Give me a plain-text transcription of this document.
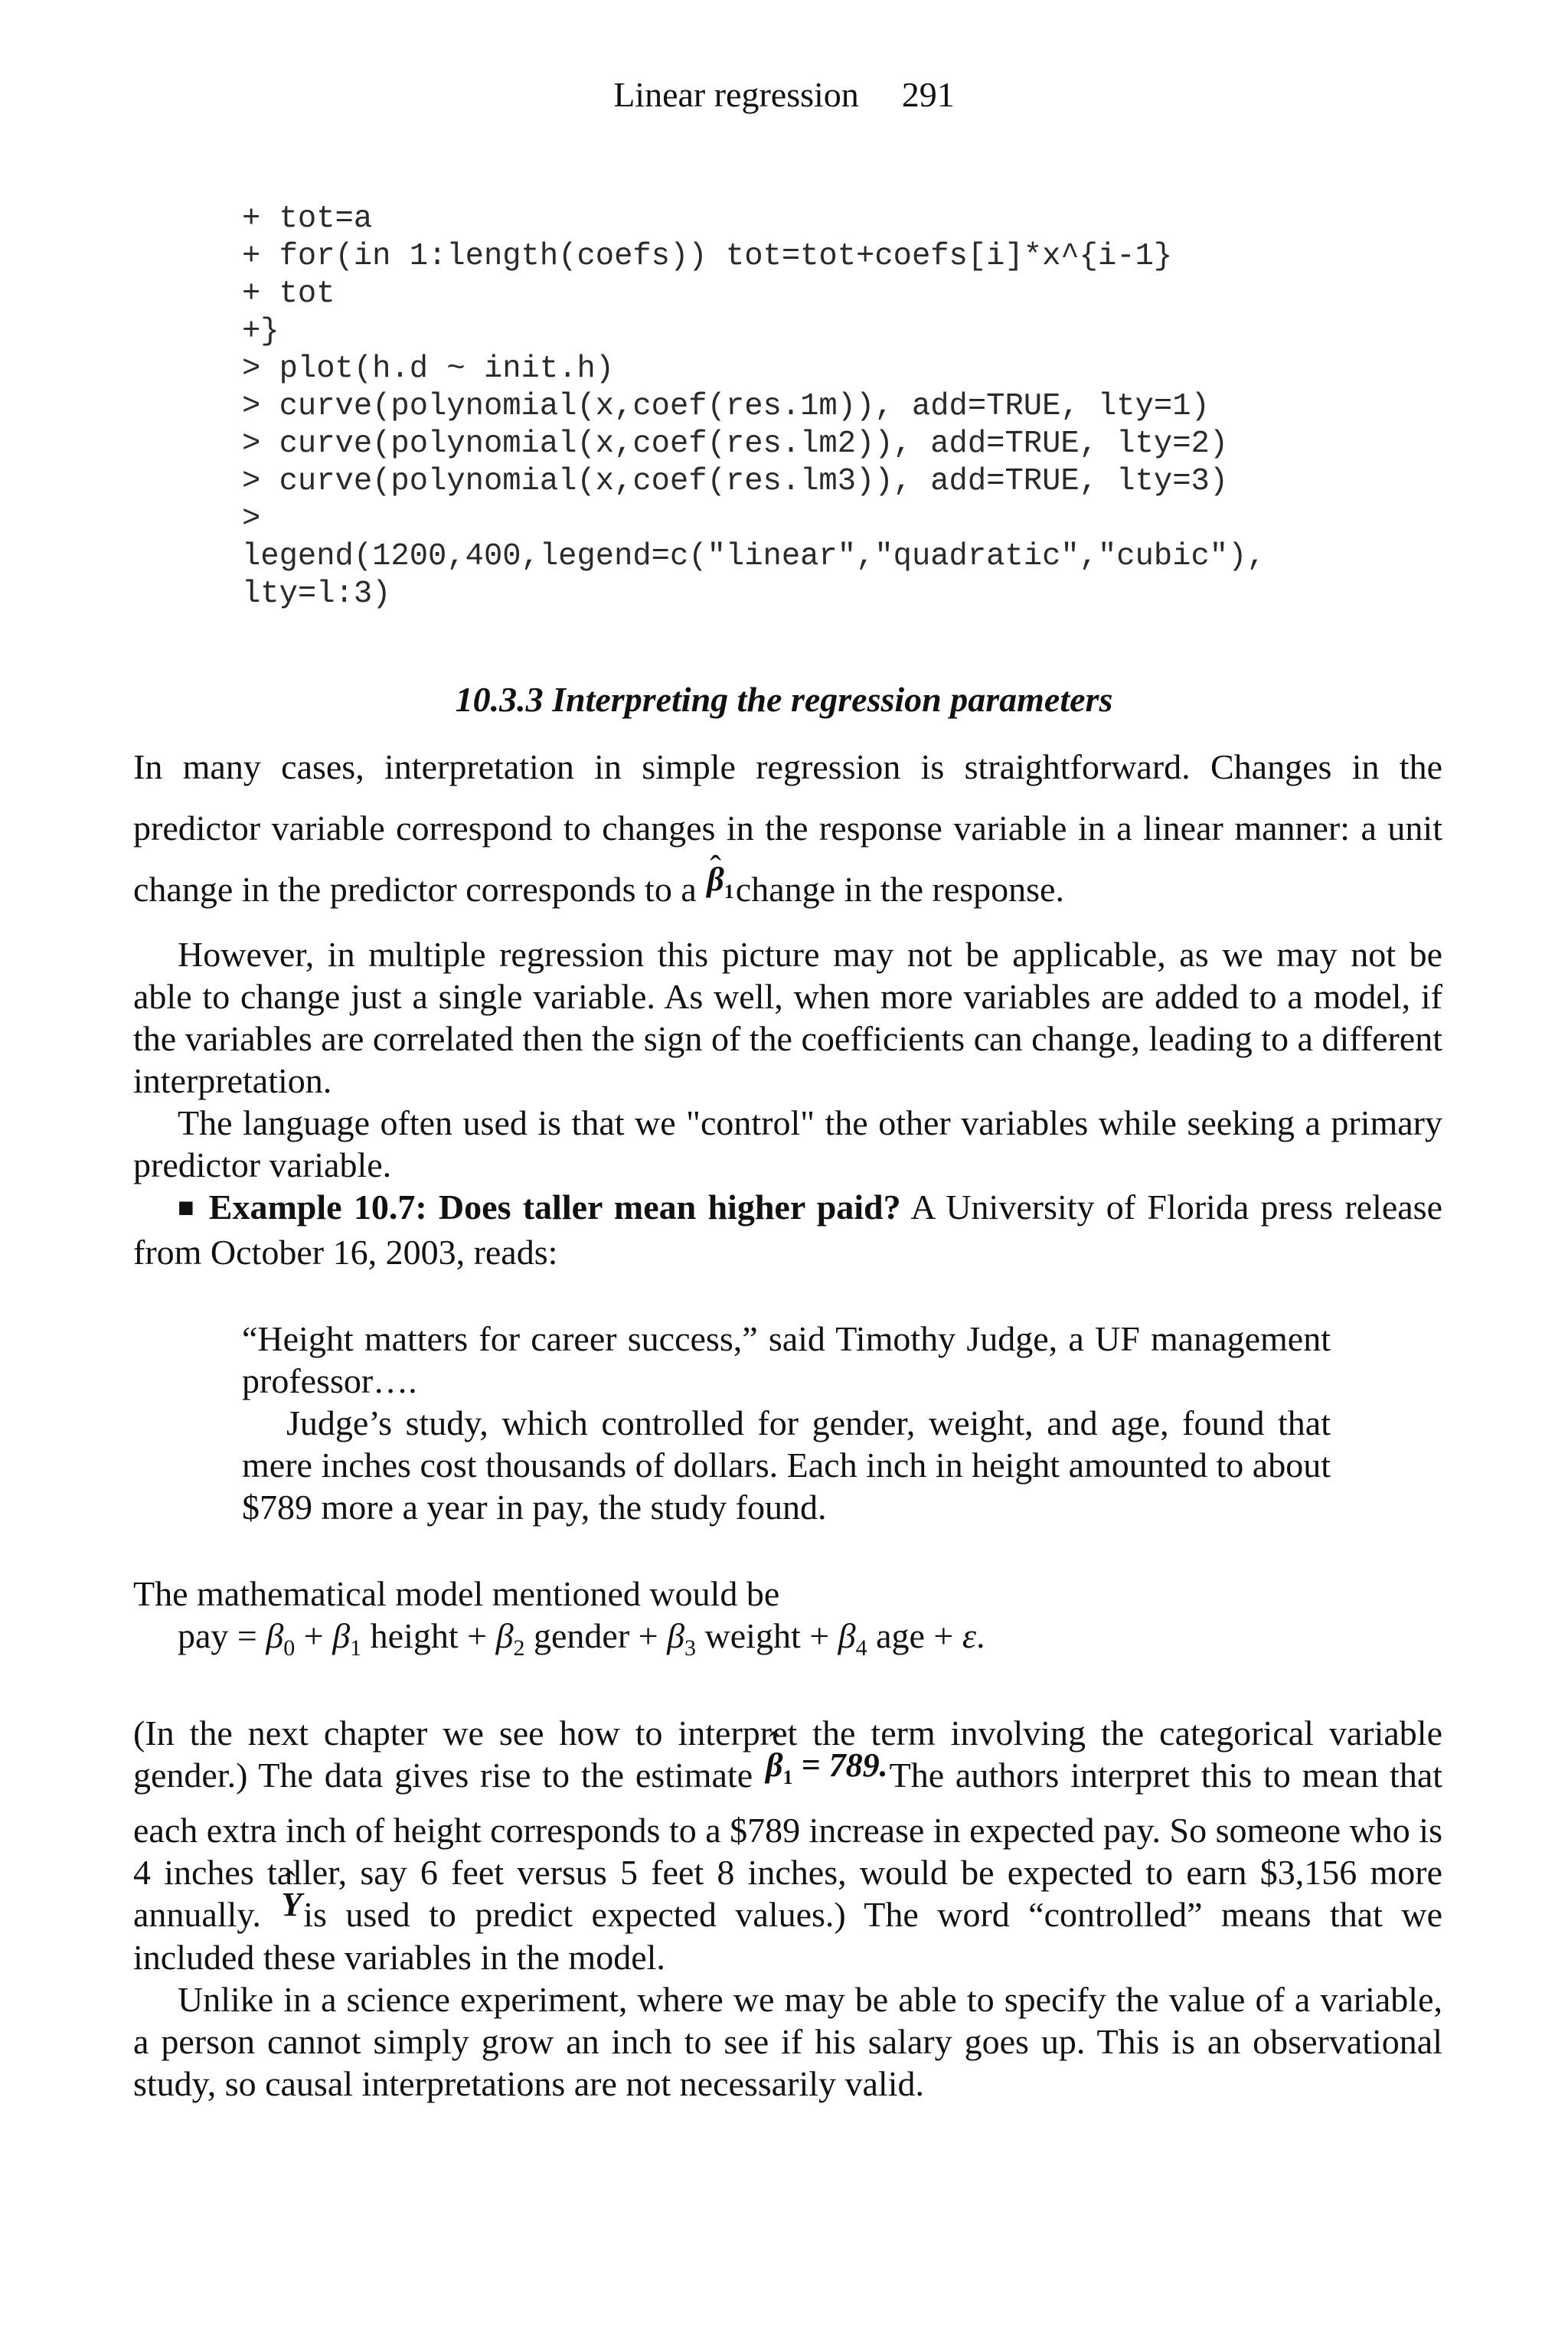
Linear regression 291
+ tot=a
+ for(in 1:length(coefs)) tot=tot+coefs[i]*x^{i-1}
+ tot
+}
> plot(h.d ~ init.h)
> curve(polynomial(x,coef(res.1m)), add=TRUE, lty=1)
> curve(polynomial(x,coef(res.lm2)), add=TRUE, lty=2)
> curve(polynomial(x,coef(res.lm3)), add=TRUE, lty=3)
>
legend(1200,400,legend=c("linear","quadratic","cubic"),
lty=l:3)
10.3.3 Interpreting the regression parameters

In many cases, interpretation in simple regression is straightforward. Changes in the predictor variable correspond to changes in the response variable in a linear manner: a unit change in the predictor corresponds to a ˆ $\beta_1change$ in the response.

However, in multiple regression this picture may not be applicable, as we may not be able to change just a single variable. As well, when more variables are added to a model, if the variables are correlated then the sign of the coefficients can change, leading to a different interpretation.

The language often used is that we "control" the other variables while seeking a primary predictor variable.

■ Example 10.7: Does taller mean higher paid? A University of Florida press release from October 16, 2003, reads:

“Height matters for career success,” said Timothy Judge, a UF management professor….

Judge’s study, which controlled for gender, weight, and age, found that mere inches cost thousands of dollars. Each inch in height amounted to about $789 more a year in pay, the study found.

The mathematical model mentioned would be

pay = $\beta_0 + \beta_1$ height + $\beta_2$ gender + $\beta_3$ weight + $\beta_4$ age + ε.

(In the next chapter we see how to interpret the term involving the categorical variable gender.) The data gives rise to the estimate ˆ $\beta_1 = 789.The$ authors interpret this to mean that each extra inch of height corresponds to a $789 increase in expected pay. So someone who is 4 inches taller, say 6 feet versus 5 feet 8 inches, would be expected to earn $3,156 more annually. ˆ Yis used to predict expected values.) The word “controlled” means that we included these variables in the model.

Unlike in a science experiment, where we may be able to specify the value of a variable, a person cannot simply grow an inch to see if his salary goes up. This is an observational study, so causal interpretations are not necessarily valid.
